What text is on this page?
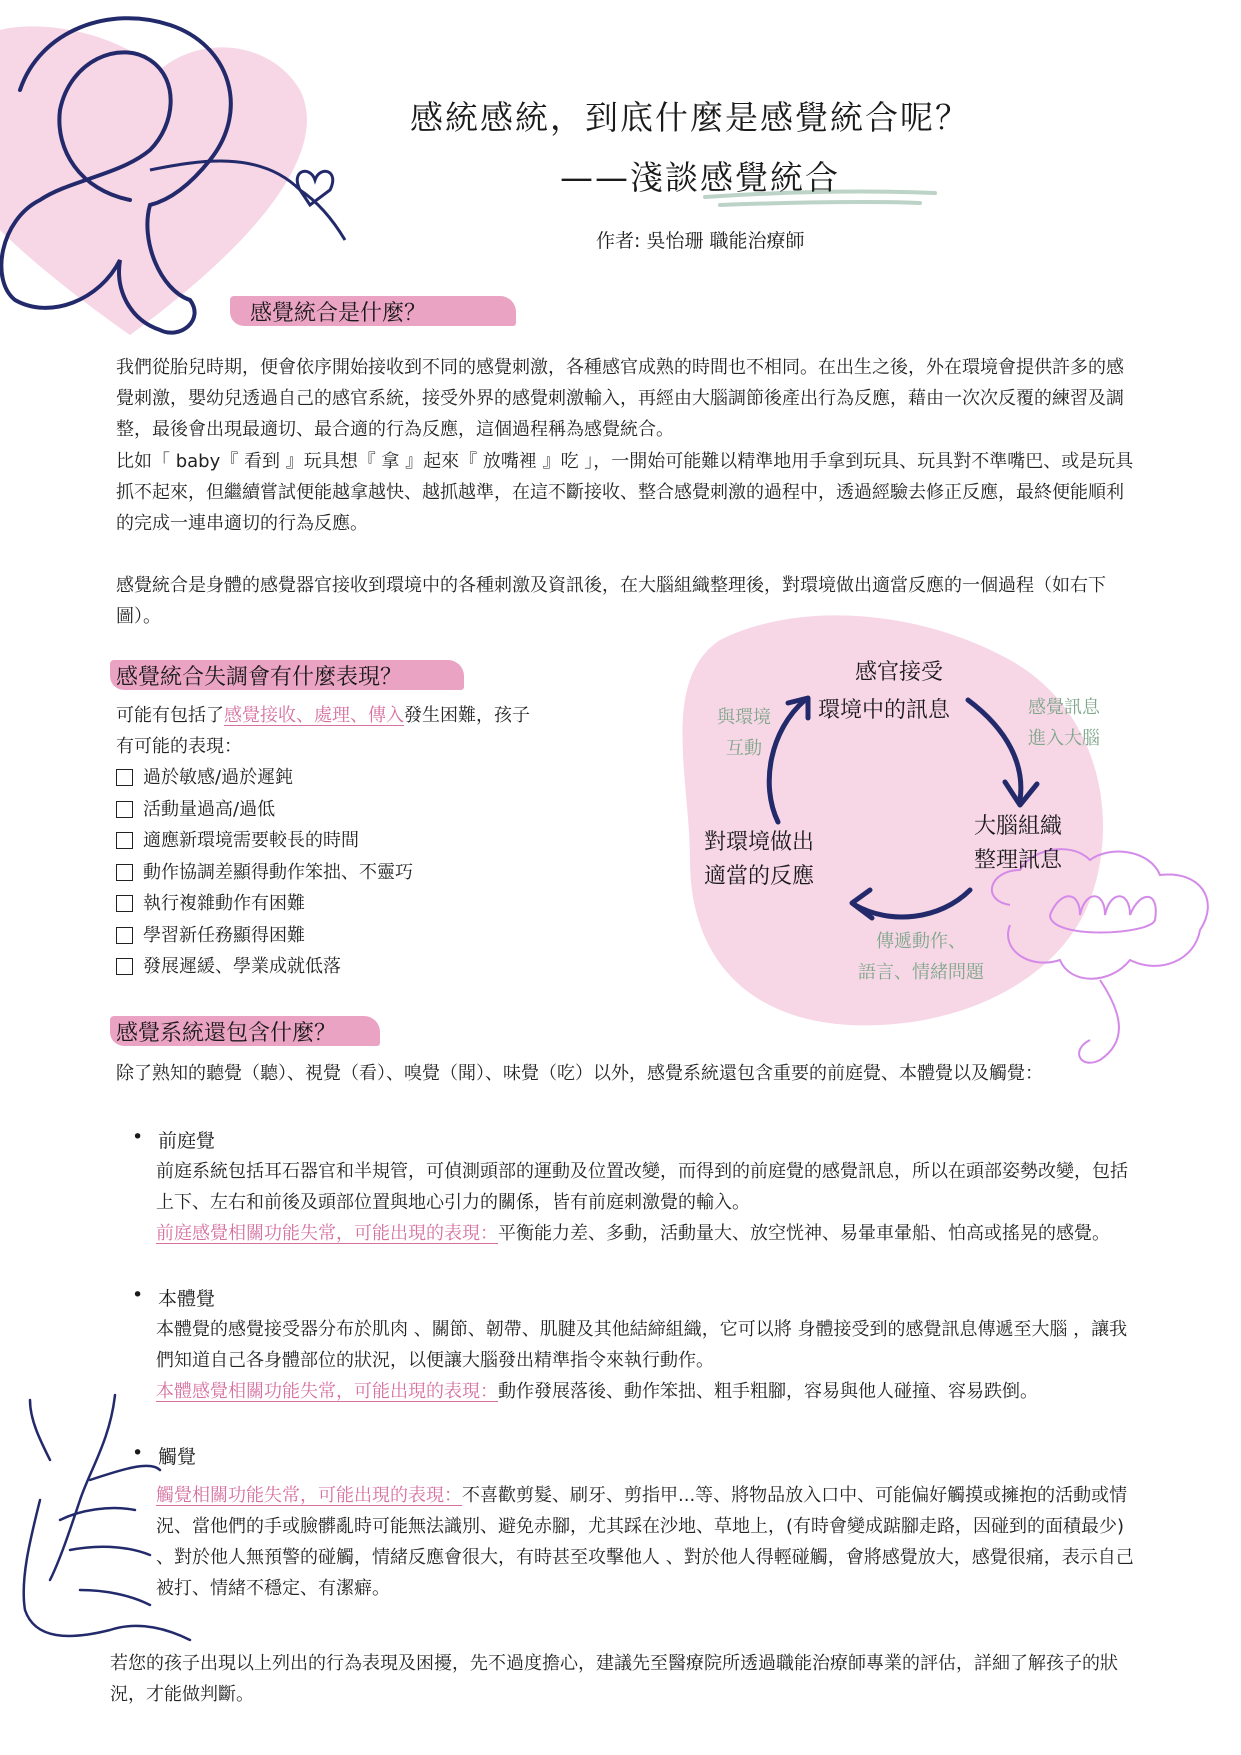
感統感統，到底什麼是感覺統合呢？
——淺談感覺統合
作者: 吳怡珊 職能治療師
感覺統合是什麼？
我們從胎兒時期，便會依序開始接收到不同的感覺刺激，各種感官成熟的時間也不相同。在出生之後，外在環境會提供許多的感覺刺激，嬰幼兒透過自己的感官系統，接受外界的感覺刺激輸入，再經由大腦調節後產出行為反應，藉由一次次反覆的練習及調整，最後會出現最適切、最合適的行為反應，這個過程稱為感覺統合。
比如「 baby『 看到 』玩具想『 拿 』起來『 放嘴裡 』吃 」，一開始可能難以精準地用手拿到玩具、玩具對不準嘴巴、或是玩具抓不起來，但繼續嘗試便能越拿越快、越抓越準，在這不斷接收、整合感覺刺激的過程中，透過經驗去修正反應，最終便能順利的完成一連串適切的行為反應。
感覺統合是身體的感覺器官接收到環境中的各種刺激及資訊後，在大腦組織整理後，對環境做出適當反應的一個過程（如右下圖）。
感覺統合失調會有什麼表現？
可能有包括了感覺接收、處理、傳入發生困難，孩子
有可能的表現：
過於敏感/過於遲鈍
活動量過高/過低
適應新環境需要較長的時間
動作協調差顯得動作笨拙、不靈巧
執行複雜動作有困難
學習新任務顯得困難
發展遲緩、學業成就低落
感官接受
環境中的訊息
大腦組織
整理訊息
對環境做出
適當的反應
感覺訊息
進入大腦
與環境
互動
傳遞動作、
語言、情緒問題
感覺系統還包含什麼？
除了熟知的聽覺（聽）、視覺（看）、嗅覺（聞）、味覺（吃）以外，感覺系統還包含重要的前庭覺、本體覺以及觸覺：
• 前庭覺
前庭系統包括耳石器官和半規管，可偵測頭部的運動及位置改變，而得到的前庭覺的感覺訊息，所以在頭部姿勢改變，包括上下、左右和前後及頭部位置與地心引力的關係，皆有前庭刺激覺的輸入。
前庭感覺相關功能失常，可能出現的表現：平衡能力差、多動，活動量大、放空恍神、易暈車暈船、怕高或搖晃的感覺。
• 本體覺
本體覺的感覺接受器分布於肌肉 、關節、韌帶、肌腱及其他結締組織，它可以將 身體接受到的感覺訊息傳遞至大腦 ，讓我們知道自己各身體部位的狀況，以便讓大腦發出精準指令來執行動作。
本體感覺相關功能失常，可能出現的表現：動作發展落後、動作笨拙、粗手粗腳，容易與他人碰撞、容易跌倒。
• 觸覺
觸覺相關功能失常，可能出現的表現：不喜歡剪髮、刷牙、剪指甲...等、將物品放入口中、可能偏好觸摸或擁抱的活動或情況、當他們的手或臉髒亂時可能無法識別、避免赤腳，尤其踩在沙地、草地上，(有時會變成踮腳走路，因碰到的面積最少) 、對於他人無預警的碰觸，情緒反應會很大，有時甚至攻擊他人 、對於他人得輕碰觸，會將感覺放大，感覺很痛，表示自己被打、情緒不穩定、有潔癖。
若您的孩子出現以上列出的行為表現及困擾，先不過度擔心，建議先至醫療院所透過職能治療師專業的評估，詳細了解孩子的狀況，才能做判斷。
